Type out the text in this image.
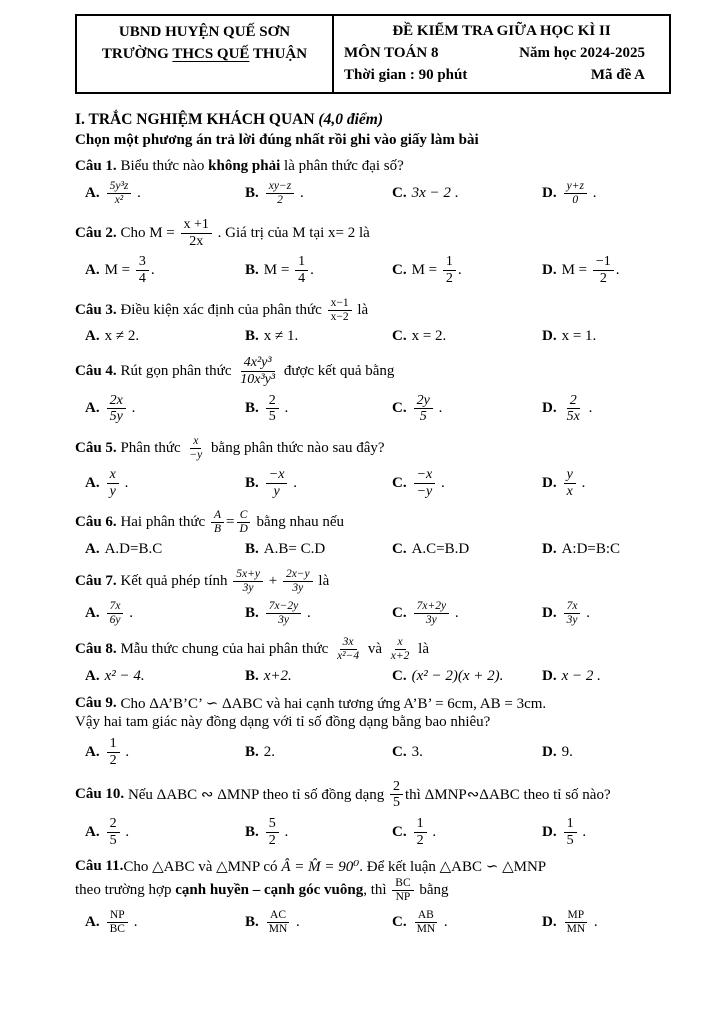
UBND HUYỆN QUẾ SƠN
TRƯỜNG THCS QUẾ THUẬN
ĐỀ KIỂM TRA GIỮA HỌC KÌ II
MÔN TOÁN 8	Năm học 2024-2025
Thời gian : 90 phút	Mã đề A
I. TRẮC NGHIỆM KHÁCH QUAN (4,0 điểm)
Chọn một phương án trả lời đúng nhất rồi ghi vào giấy làm bài
Câu 1. Biểu thức nào không phải là phân thức đại số?
A. $\frac{\text{5y³z}}{\text{x²}}$ .	B. $\frac{xy-z}{2}$ .	C. 3x − 2 .	D. $\frac{y+z}{0}$ .
Câu 2. Cho $M = \frac{x +1}{2x}$ . Giá trị của M tại x= 2 là
A. $M = \frac{3}{4}$ .	B. $M = \frac{1}{4}$ .	C. $M = \frac{1}{2}$ .	D. $M = \frac{-1}{2}$ .
Câu 3. Điều kiện xác định của phân thức $\frac{x-1}{x-2}$ là
A. x ≠ 2.	B. x ≠ 1.	C. x = 2.	D. x = 1.
Câu 4. Rút gọn phân thức $\frac{\text{4x²y³}}{\text{10x³y³}}$ được kết quả bằng
A. $\frac{2x}{5y}$ .	B. $\frac{2}{5}$ .	C. $\frac{2y}{5}$ .	D. $\frac{2}{5x}$ .
Câu 5. Phân thức $\frac{x}{-y}$ bằng phân thức nào sau đây?
A. $\frac{x}{y}$ .	B. $\frac{-x}{y}$ .	C. $\frac{-x}{-y}$ .	D. $\frac{y}{x}$ .
Câu 6. Hai phân thức $\frac{A}{B} = \frac{C}{D}$ bằng nhau nếu
A. A.D=B.C	B. A.B= C.D	C. A.C=B.D	D. A:D=B:C
Câu 7. Kết quả phép tính $\frac{5x+y}{3y} + \frac{2x-y}{3y}$ là
A. $\frac{7x}{6y}$ .	B. $\frac{7x-2y}{3y}$ .	C. $\frac{7x+2y}{3y}$ .	D. $\frac{7x}{3y}$ .
Câu 8. Mẫu thức chung của hai phân thức $\frac{3x}{\text{x²−4}}$ và $\frac{x}{x+2}$ là
A. x² − 4.	B. x+2.	C. (x² − 2)(x + 2).	D. x − 2 .
Câu 9. Cho ΔA’B’C’ ∽ ΔABC và hai cạnh tương ứng A’B’ = 6cm, AB = 3cm.
Vậy hai tam giác này đồng dạng với tỉ số đồng dạng bằng bao nhiêu?
A. $\frac{1}{2}$ .	B. 2.	C. 3.	D. 9.
Câu 10. Nếu ΔABC ∾ ΔMNP theo tỉ số đồng dạng $\frac{2}{5}$ thì ΔMNP∾ΔABC theo tỉ số nào?
A. $\frac{2}{5}$ .	B. $\frac{5}{2}$ .	C. $\frac{1}{2}$ .	D. $\frac{1}{5}$ .
Câu 11. Cho △ABC và △MNP có Â = M̂ = 90⁰ . Để kết luận △ABC ∽ △MNP
theo trường hợp cạnh huyền – cạnh góc vuông , thì $\frac{BC}{NP}$ bằng
A. $\frac{NP}{BC}$ .	B. $\frac{AC}{MN}$ .	C. $\frac{AB}{MN}$ .	D. $\frac{MP}{MN}$ .
